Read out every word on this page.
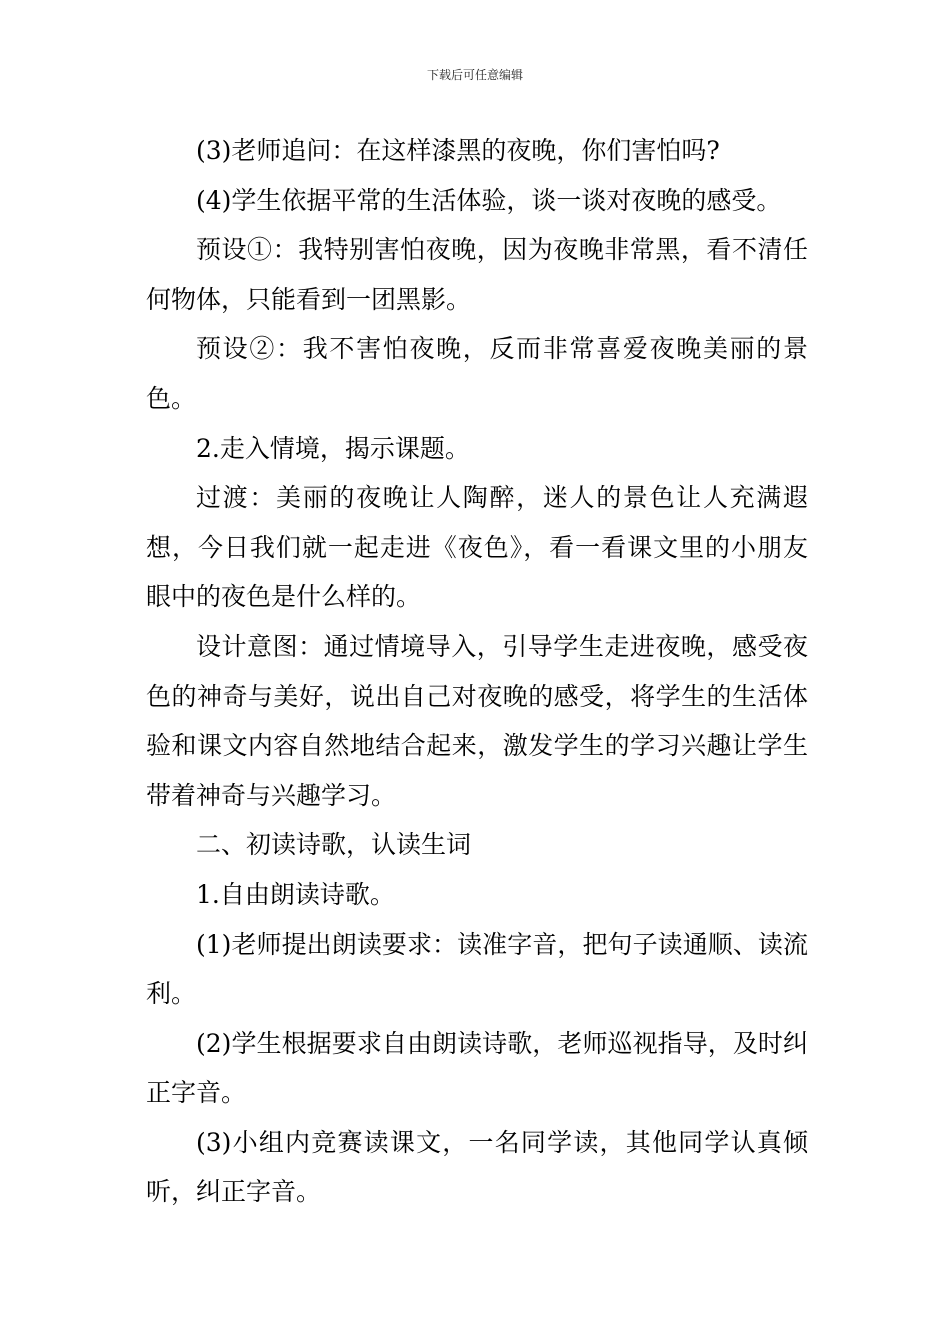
下载后可任意编辑

(3)老师追问：在这样漆黑的夜晚，你们害怕吗?

(4)学生依据平常的生活体验，谈一谈对夜晚的感受。

预设①：我特别害怕夜晚，因为夜晚非常黑，看不清任何物体，只能看到一团黑影。

预设②：我不害怕夜晚，反而非常喜爱夜晚美丽的景色。

2.走入情境，揭示课题。

过渡：美丽的夜晚让人陶醉，迷人的景色让人充满遐想，今日我们就一起走进《夜色》，看一看课文里的小朋友眼中的夜色是什么样的。

设计意图：通过情境导入，引导学生走进夜晚，感受夜色的神奇与美好，说出自己对夜晚的感受，将学生的生活体验和课文内容自然地结合起来，激发学生的学习兴趣让学生带着神奇与兴趣学习。

二、初读诗歌，认读生词

1.自由朗读诗歌。

(1)老师提出朗读要求：读准字音，把句子读通顺、读流利。

(2)学生根据要求自由朗读诗歌，老师巡视指导，及时纠正字音。

(3)小组内竞赛读课文，一名同学读，其他同学认真倾听，纠正字音。
